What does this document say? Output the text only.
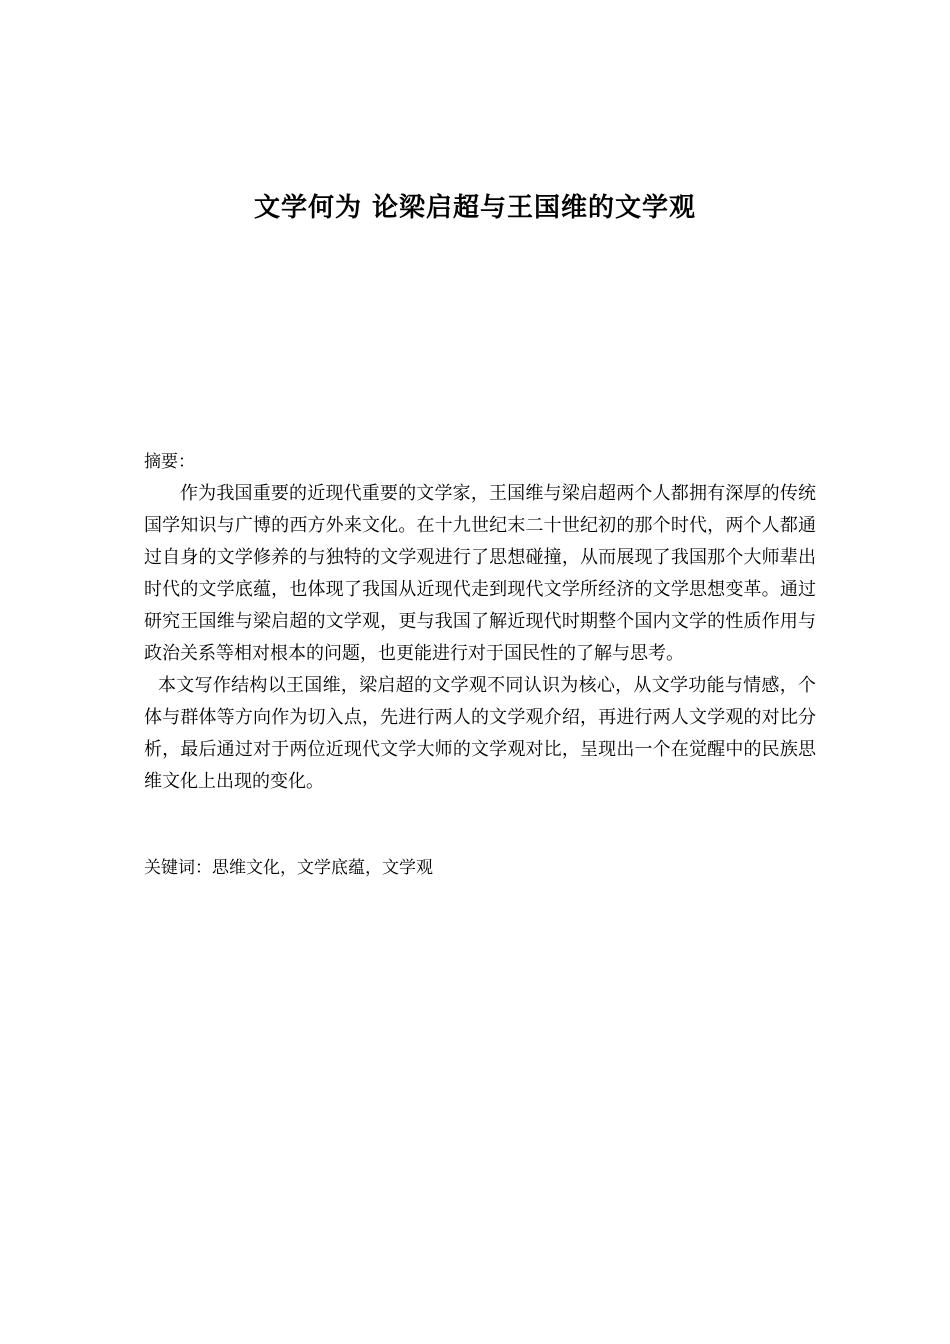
文学何为 论梁启超与王国维的文学观
摘要：

作为我国重要的近现代重要的文学家，王国维与梁启超两个人都拥有深厚的传统国学知识与广博的西方外来文化。在十九世纪末二十世纪初的那个时代，两个人都通过自身的文学修养的与独特的文学观进行了思想碰撞，从而展现了我国那个大师辈出时代的文学底蕴，也体现了我国从近现代走到现代文学所经济的文学思想变革。通过研究王国维与梁启超的文学观，更与我国了解近现代时期整个国内文学的性质作用与政治关系等相对根本的问题，也更能进行对于国民性的了解与思考。

本文写作结构以王国维，梁启超的文学观不同认识为核心，从文学功能与情感，个体与群体等方向作为切入点，先进行两人的文学观介绍，再进行两人文学观的对比分析，最后通过对于两位近现代文学大师的文学观对比，呈现出一个在觉醒中的民族思维文化上出现的变化。

关键词：思维文化，文学底蕴，文学观
